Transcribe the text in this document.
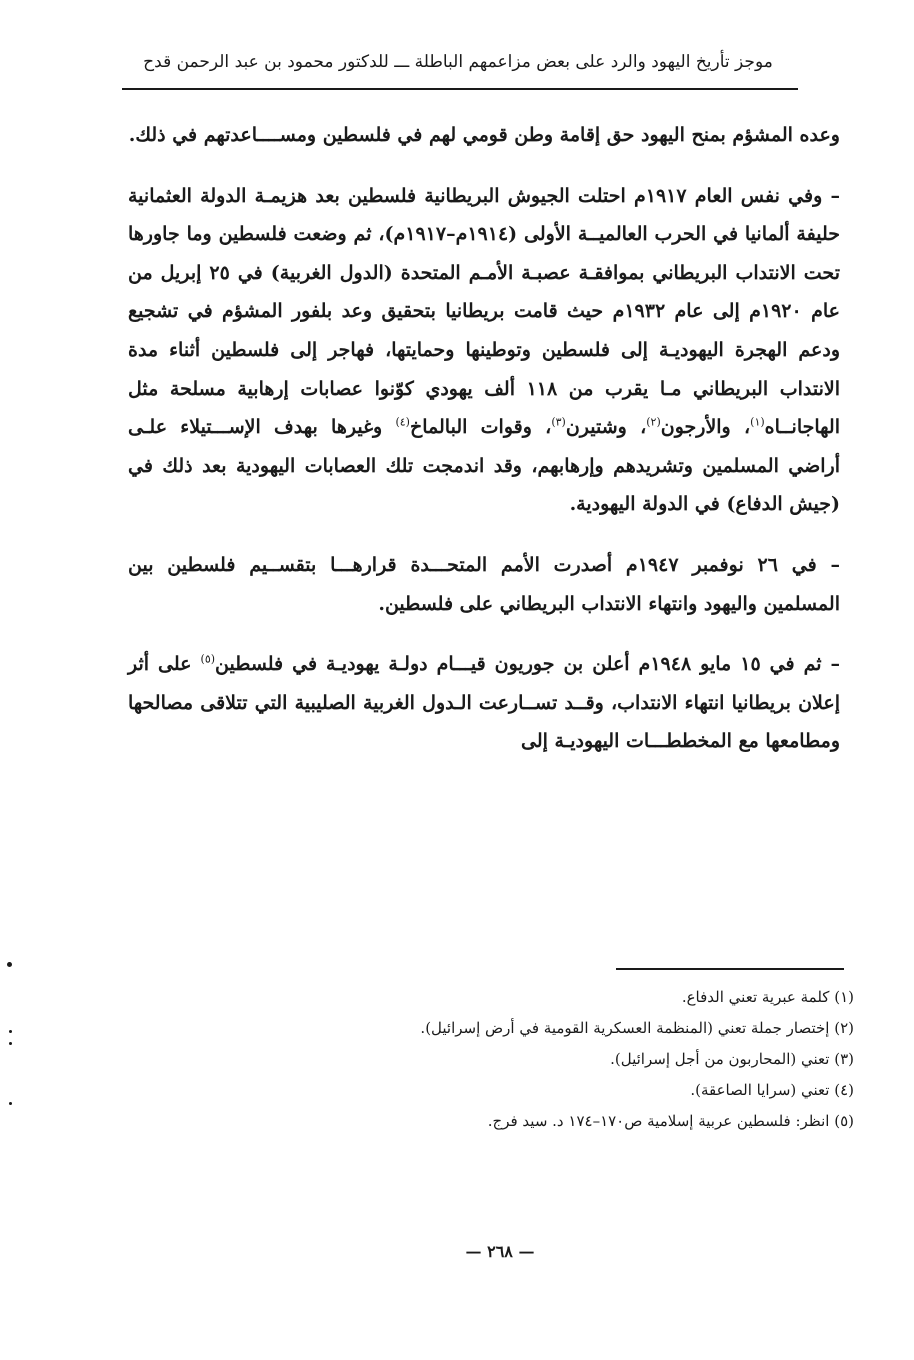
موجز تأريخ اليهود والرد على بعض مزاعمهم الباطلة ـــ للدكتور محمود بن عبد الرحمن قدح

وعده المشؤم بمنح اليهود حق إقامة وطن قومي لهم في فلسطين ومســــاعدتهم في ذلك.

– وفي نفس العام ١٩١٧م احتلت الجيوش البريطانية فلسطين بعد هزيمـة الدولة العثمانية حليفة ألمانيا في الحرب العالميــة الأولى (١٩١٤م–١٩١٧م)، ثم وضعت فلسطين وما جاورها تحت الانتداب البريطاني بموافقـة عصبـة الأمـم المتحدة (الدول الغربية) في ٢٥ إبريل من عام ١٩٢٠م إلى عام ١٩٣٢م حيث قامت بريطانيا بتحقيق وعد بلفور المشؤم في تشجيع ودعم الهجرة اليهوديـة إلى فلسطين وتوطينها وحمايتها، فهاجر إلى فلسطين أثناء مدة الانتداب البريطاني مـا يقرب من ١١٨ ألف يهودي كوّنوا عصابات إرهابية مسلحة مثل الهاجانــاه$^{(١)}$، والأرجون$^{(٢)}$، وشتيرن$^{(٣)}$، وقوات البالماخ$^{(٤)}$ وغيرها بهدف الإســـتيلاء علـى أراضي المسلمين وتشريدهم وإرهابهم، وقد اندمجت تلك العصابات اليهودية بعد ذلك في (جيش الدفاع) في الدولة اليهودية.

– في ٢٦ نوفمبر ١٩٤٧م أصدرت الأمم المتحـــدة قرارهـــا بتقســيم فلسطين بين المسلمين واليهود وانتهاء الانتداب البريطاني على فلسطين.

– ثم في ١٥ مايو ١٩٤٨م أعلن بن جوريون قيـــام دولـة يهوديـة في فلسطين$^{(٥)}$ على أثر إعلان بريطانيا انتهاء الانتداب، وقــد تســارعت الـدول الغربية الصليبية التي تتلاقى مصالحها ومطامعها مع المخططـــات اليهوديـة إلى

(١) كلمة عبرية تعني الدفاع.

(٢) إختصار جملة تعني (المنظمة العسكرية القومية في أرض إسرائيل).

(٣) تعني (المحاربون من أجل إسرائيل).

(٤) تعني (سرايا الصاعقة).

(٥) انظر: فلسطين عربية إسلامية ص١٧٠–١٧٤ د. سيد فرج.

— ٢٦٨ —
